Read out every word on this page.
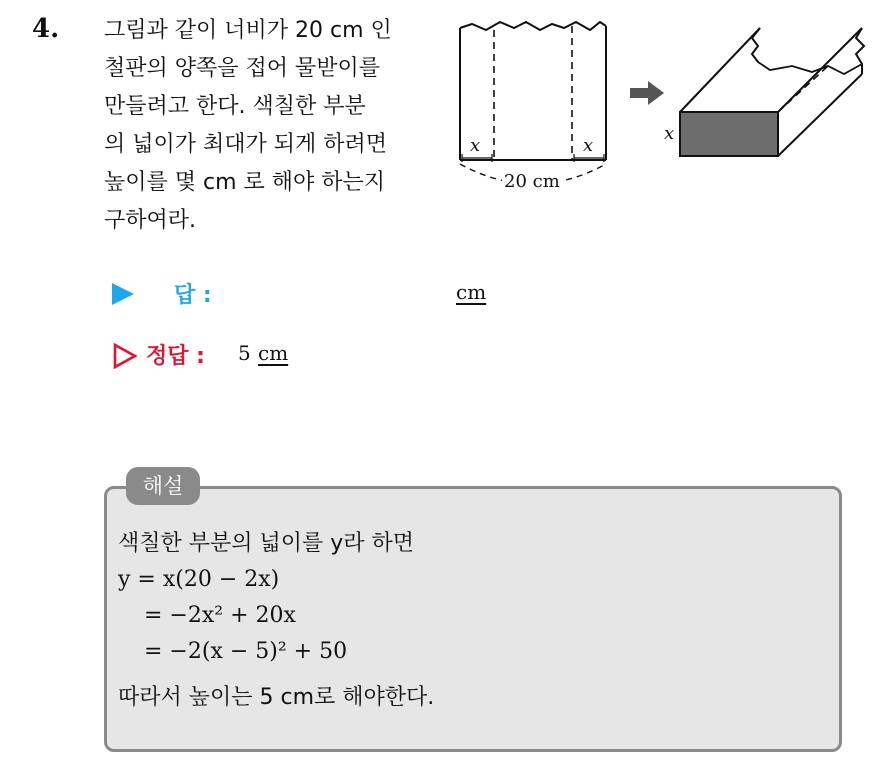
4. 그림과 같이 너비가 20 cm 인
철판의 양쪽을 접어 물받이를
만들려고 한다. 색칠한 부분
의 넓이가 최대가 되게 하려면
높이를 몇 cm 로 해야 하는지
구하여라.
x	x
20 cm
x
답 :	cm
정답 : 5 cm
해설
색칠한 부분의 넓이를 y라 하면
y = x(20 − 2x)
= −2x² + 20x
= −2(x − 5)² + 50
따라서 높이는 5 cm로 해야한다.
